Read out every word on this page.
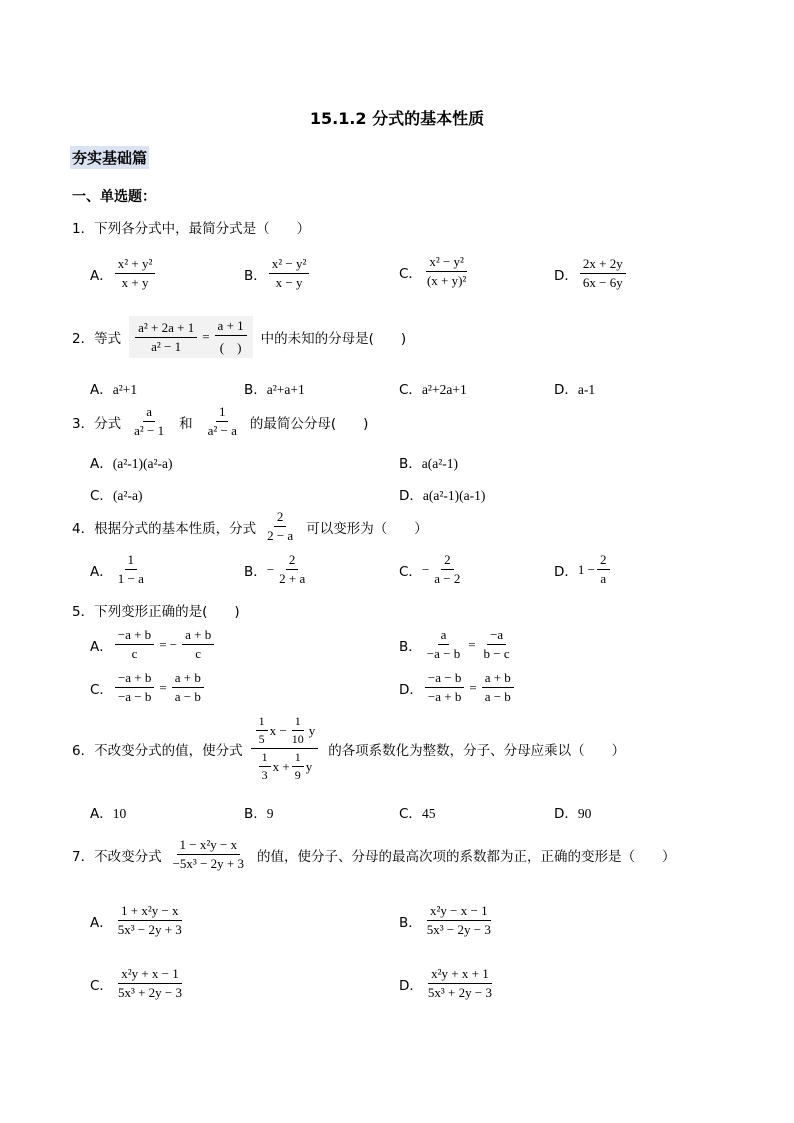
15.1.2 分式的基本性质
夯实基础篇
一、单选题：
1．下列各分式中，最简分式是（　　）
A． $\frac{\text{x² + y²}}{x + y}$	B． $\frac{\text{x² − y²}}{x - y}$	C． $\frac{\text{x² − y²}}{\text{(x + y)²}}$	D． $\frac{2x + 2y}{6x - 6y}$
2．等式 $\frac{\text{a² + 2a + 1}}{\text{a² − 1}} = \frac{a + 1}{( )}$ 中的未知的分母是(　　)
A．a²+1	B．a²+a+1	C．a²+2a+1	D．a-1
3．分式 $\frac{a}{\text{a² − 1}}$ 和 $\frac{1}{\text{a² − a}}$ 的最简公分母(　　)
A．(a²-1)(a²-a)	B．a(a²-1)
C．(a²-a)	D．a(a²-1)(a-1)
4．根据分式的基本性质，分式 $\frac{2}{2 - a}$ 可以变形为（　　）
A． $\frac{1}{1 - a}$	B． − $\frac{2}{2 + a}$	C． − $\frac{2}{a - 2}$	D． $1 - \frac{2}{a}$
5．下列变形正确的是(　　)
A． $\frac{-a + b}{c}$ = − $\frac{a + b}{c}$	B． $\frac{a}{-a - b} = \frac{-a}{b - c}$
C． $\frac{-a + b}{-a - b} = \frac{a + b}{a - b}$	D． $\frac{-a - b}{-a + b} = \frac{a + b}{a - b}$
6．不改变分式的值，使分式 $\frac{\frac{1}{5} x - \frac{1}{10} y}{\frac{1}{3} x + \frac{1}{9} y}$ 的各项系数化为整数，分子、分母应乘以（　　）
A．10	B．9	C．45	D．90
7．不改变分式 $\frac{\text{1 − x²y − x}}{\text{−5x³ − 2y + 3}}$ 的值，使分子、分母的最高次项的系数都为正，正确的变形是（　　）
A． $\frac{\text{1 + x²y − x}}{\text{5x³ − 2y + 3}}$	B． $\frac{\text{x²y − x − 1}}{\text{5x³ − 2y − 3}}$
C． $\frac{\text{x²y + x − 1}}{\text{5x³ + 2y − 3}}$	D． $\frac{\text{x²y + x + 1}}{\text{5x³ + 2y − 3}}$
